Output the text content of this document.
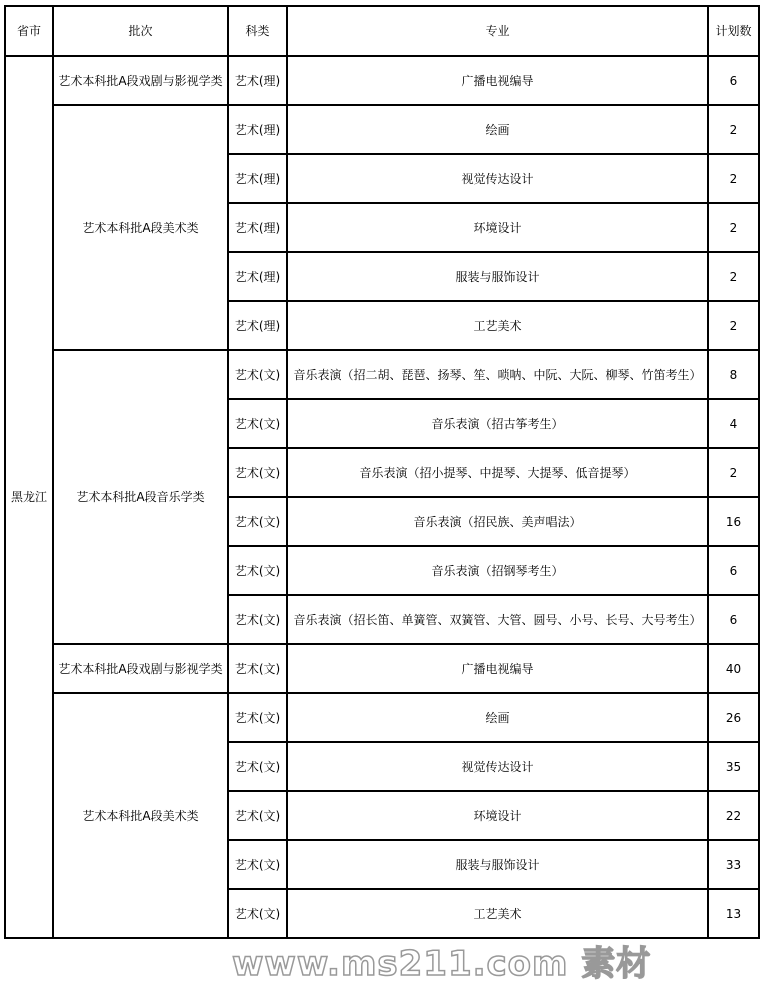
省市	批次	科类	专业	计划数
黑龙江	艺术本科批A段戏剧与影视学类	艺术(理)	广播电视编导	6
	艺术本科批A段美术类	艺术(理)	绘画	2
		艺术(理)	视觉传达设计	2
		艺术(理)	环境设计	2
		艺术(理)	服装与服饰设计	2
		艺术(理)	工艺美术	2
	艺术本科批A段音乐学类	艺术(文)	音乐表演（招二胡、琵琶、扬琴、笙、唢呐、中阮、大阮、柳琴、竹笛考生）	8
		艺术(文)	音乐表演（招古筝考生）	4
		艺术(文)	音乐表演（招小提琴、中提琴、大提琴、低音提琴）	2
		艺术(文)	音乐表演（招民族、美声唱法）	16
		艺术(文)	音乐表演（招钢琴考生）	6
		艺术(文)	音乐表演（招长笛、单簧管、双簧管、大管、圆号、小号、长号、大号考生）	6
	艺术本科批A段戏剧与影视学类	艺术(文)	广播电视编导	40
	艺术本科批A段美术类	艺术(文)	绘画	26
		艺术(文)	视觉传达设计	35
		艺术(文)	环境设计	22
		艺术(文)	服装与服饰设计	33
		艺术(文)	工艺美术	13
www.ms211.com 素材
